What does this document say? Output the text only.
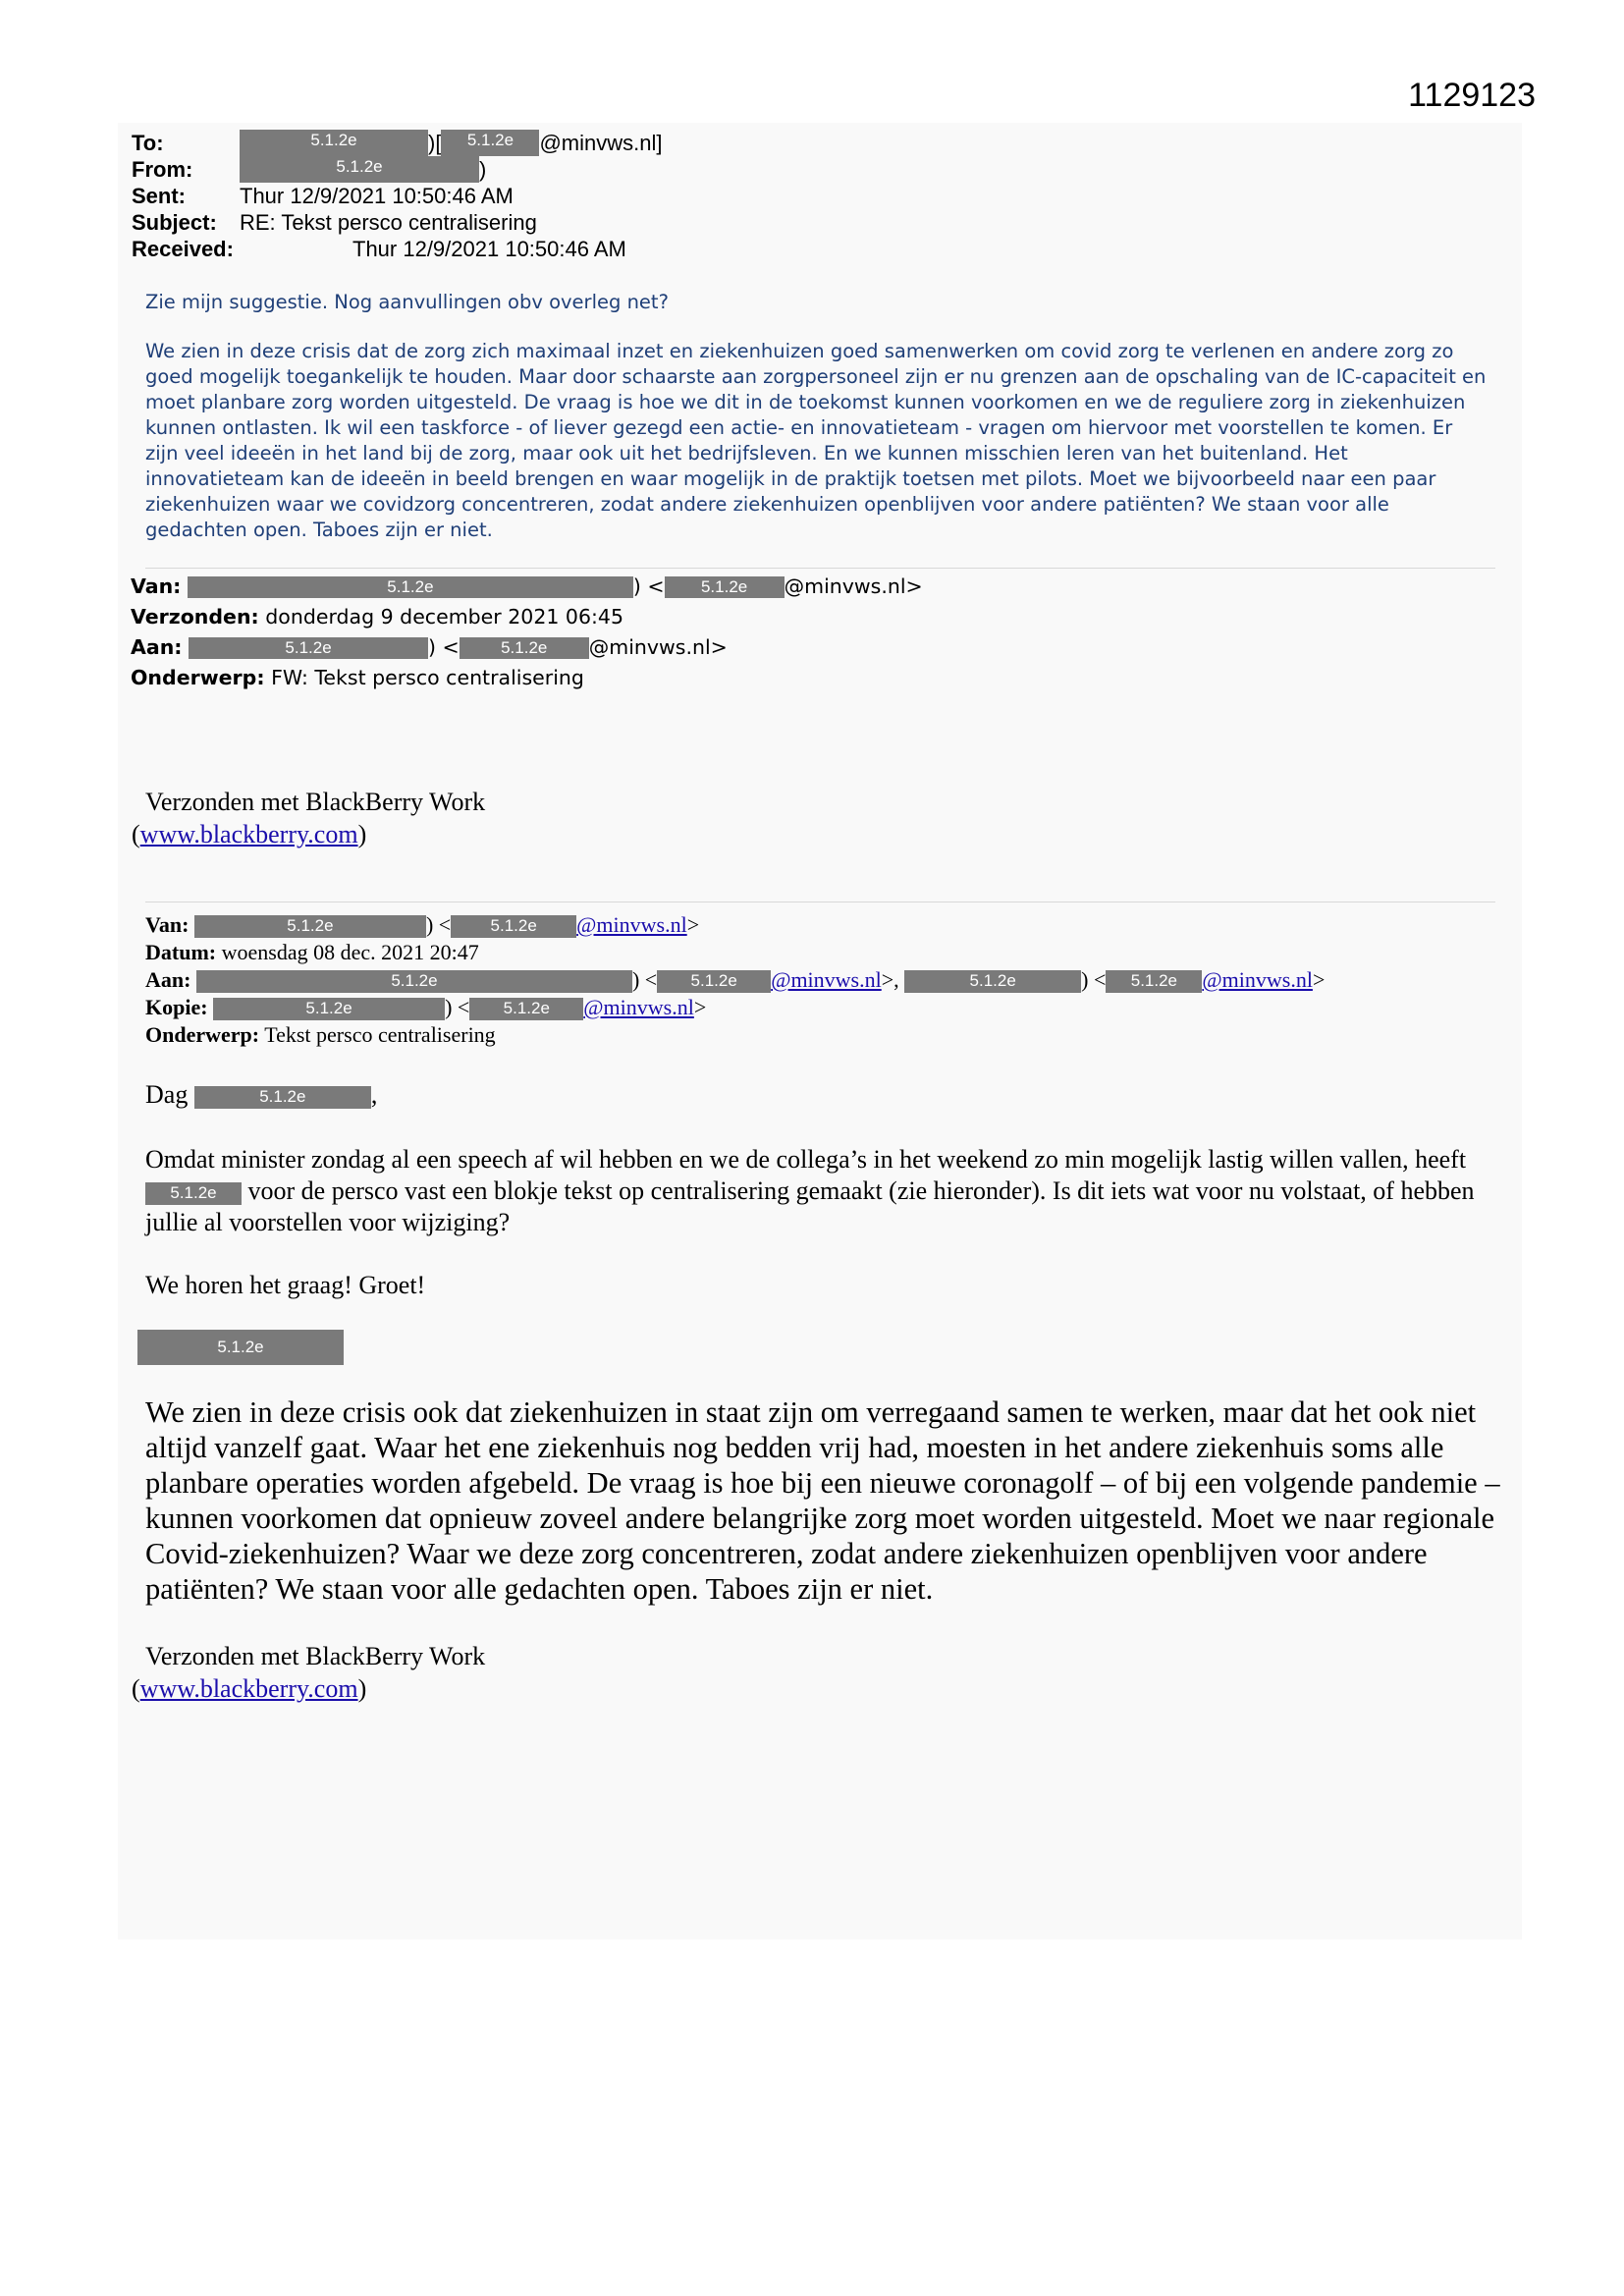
1129123
To:	5.1.2e	)[	5.1.2e	@minvws.nl]
From:	5.1.2e	)
Sent:	Thur 12/9/2021 10:50:46 AM
Subject:	RE: Tekst persco centralisering
Received:	Thur 12/9/2021 10:50:46 AM

Zie mijn suggestie. Nog aanvullingen obv overleg net?

We zien in deze crisis dat de zorg zich maximaal inzet en ziekenhuizen goed samenwerken om covid zorg te verlenen en andere zorg zo goed mogelijk toegankelijk te houden. Maar door schaarste aan zorgpersoneel zijn er nu grenzen aan de opschaling van de IC-capaciteit en moet planbare zorg worden uitgesteld. De vraag is hoe we dit in de toekomst kunnen voorkomen en we de reguliere zorg in ziekenhuizen kunnen ontlasten. Ik wil een taskforce - of liever gezegd een actie- en innovatieteam - vragen om hiervoor met voorstellen te komen. Er zijn veel ideeën in het land bij de zorg, maar ook uit het bedrijfsleven. En we kunnen misschien leren van het buitenland. Het innovatieteam kan de ideeën in beeld brengen en waar mogelijk in de praktijk toetsen met pilots. Moet we bijvoorbeeld naar een paar ziekenhuizen waar we covidzorg concentreren, zodat andere ziekenhuizen openblijven voor andere patiënten? We staan voor alle gedachten open. Taboes zijn er niet.

Van:	5.1.2e	) < 5.1.2e @minvws.nl>
Verzonden: donderdag 9 december 2021 06:45
Aan:	5.1.2e	) < 5.1.2e @minvws.nl>
Onderwerp: FW: Tekst persco centralisering
Verzonden met BlackBerry Work
(www.blackberry.com)
Van:	5.1.2e	) < 5.1.2e @minvws.nl>
Datum: woensdag 08 dec. 2021 20:47
Aan:	5.1.2e	) < 5.1.2e @minvws.nl>,	5.1.2e	) < 5.1.2e @minvws.nl>
Kopie:	5.1.2e	) < 5.1.2e @minvws.nl>
Onderwerp: Tekst persco centralisering
Dag	5.1.2e	,

Omdat minister zondag al een speech af wil hebben en we de collega’s in het weekend zo min mogelijk lastig willen vallen, heeft 5.1.2e voor de persco vast een blokje tekst op centralisering gemaakt (zie hieronder). Is dit iets wat voor nu volstaat, of hebben jullie al voorstellen voor wijziging?

We horen het graag! Groet!

5.1.2e
We zien in deze crisis ook dat ziekenhuizen in staat zijn om verregaand samen te werken, maar dat het ook niet altijd vanzelf gaat. Waar het ene ziekenhuis nog bedden vrij had, moesten in het andere ziekenhuis soms alle planbare operaties worden afgebeld. De vraag is hoe bij een nieuwe coronagolf – of bij een volgende pandemie – kunnen voorkomen dat opnieuw zoveel andere belangrijke zorg moet worden uitgesteld. Moet we naar regionale Covid-ziekenhuizen? Waar we deze zorg concentreren, zodat andere ziekenhuizen openblijven voor andere patiënten? We staan voor alle gedachten open. Taboes zijn er niet.
Verzonden met BlackBerry Work
(www.blackberry.com)
